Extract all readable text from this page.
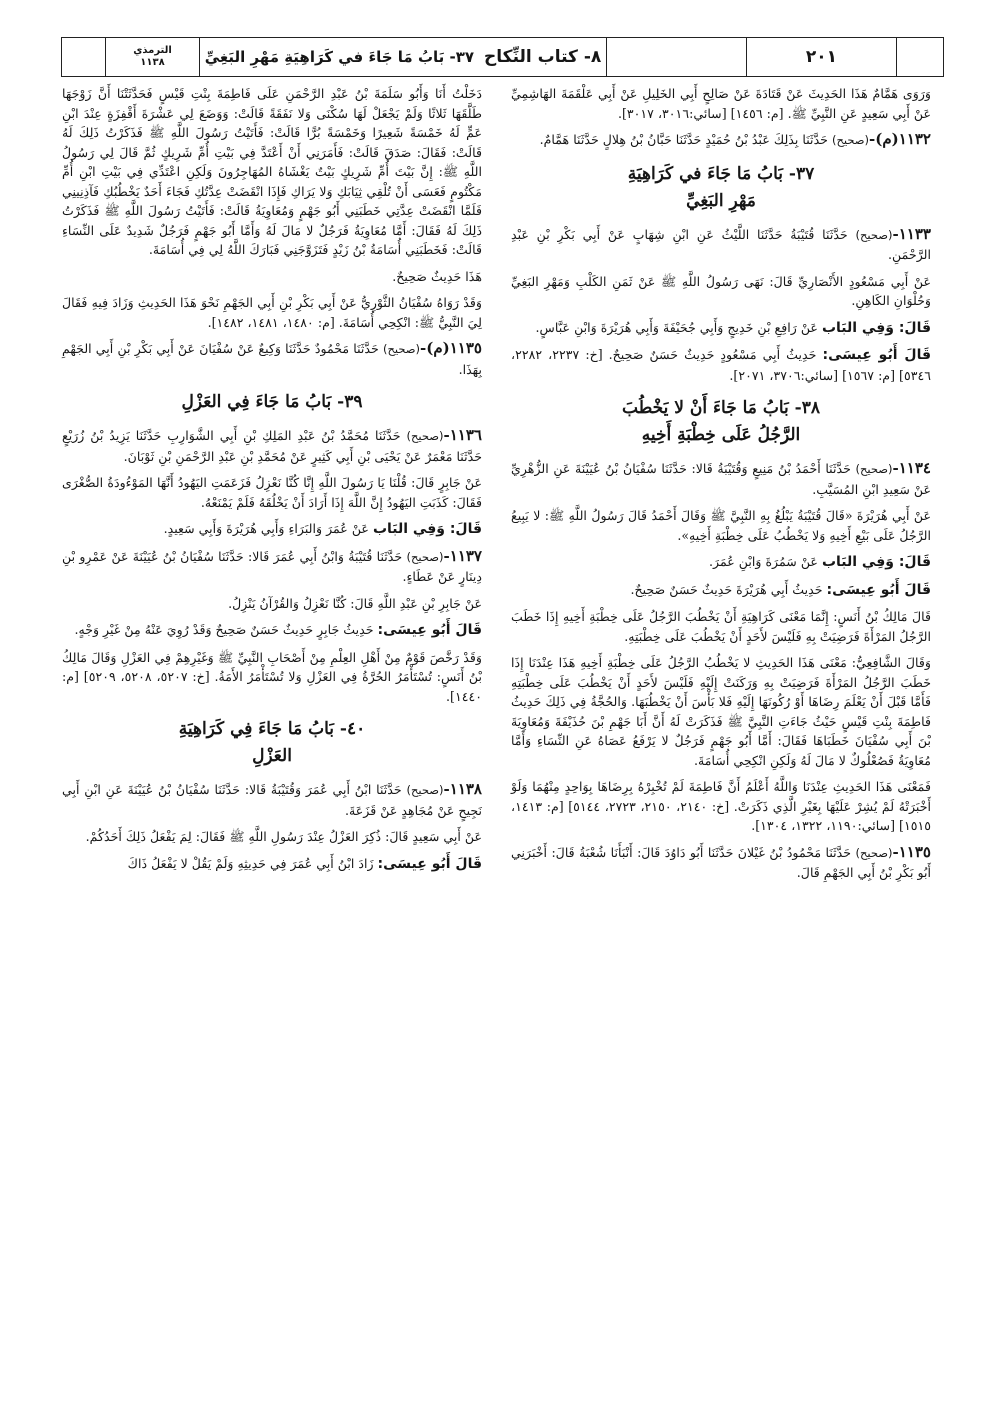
الترمذي
١١٣٨	٨- كتاب النِّكاح
٣٧- بَابُ مَا جَاءَ في كَرَاهِيَةِ مَهْرِ البَغِيِّ	٢٠١

وَرَوَى هَمَّامٌ هَذَا الحَدِيثَ عَنْ قَتَادَةَ عَنْ صَالِحٍ أَبِي الخَلِيلِ عَنْ أَبِي عَلْقَمَةَ الهَاشِمِيِّ عَنْ أَبِي سَعِيدٍ عَنِ النَّبِيِّ ﷺ. [م: ١٤٥٦] [سائي:٣٠١٦، ٣٠١٧].

١١٣٢(م)-(صحيح) حَدَّثَنَا بِذَلِكَ عَبْدُ بْنُ حُمَيْدٍ حَدَّثَنَا حَبَّانُ بْنُ هِلالٍ حَدَّثَنَا هَمَّامٌ.

٣٧- بَابُ مَا جَاءَ في كَرَاهِيَةِ
مَهْرِ البَغِيِّ

١١٣٣-(صحيح) حَدَّثَنَا قُتَيْبَةُ حَدَّثَنَا اللَّيْثُ عَنِ ابْنِ شِهَابٍ عَنْ أَبِي بَكْرِ بْنِ عَبْدِ الرَّحْمَنِ.

عَنْ أَبِي مَسْعُودٍ الأَنْصَارِيِّ قَالَ: نَهَى رَسُولُ اللَّهِ ﷺ عَنْ ثَمَنِ الكَلْبِ وَمَهْرِ البَغِيِّ وَحُلْوَانِ الكَاهِنِ.

قَالَ: وَفِي البَاب عَنْ رَافِعِ بْنِ خَدِيجٍ وَأَبِي جُحَيْفَةَ وَأَبِي هُرَيْرَةَ وَابْنِ عَبَّاسٍ.

قَالَ أَبُو عِيسَى: حَدِيثُ أَبِي مَسْعُودٍ حَدِيثٌ حَسَنٌ صَحِيحٌ. [خ: ٢٢٣٧، ٢٢٨٢، ٥٣٤٦] [م: ١٥٦٧] [سائي:٣٧٠٦، ٢٠٧١].

٣٨- بَابُ مَا جَاءَ أَنْ لا يَخْطُبَ
الرَّجُلُ عَلَى خِطْبَةِ أَخِيهِ

١١٣٤-(صحيح) حَدَّثَنَا أَحْمَدُ بْنُ مَنِيعٍ وَقُتَيْبَةُ قَالا: حَدَّثَنَا سُفْيَانُ بْنُ عُيَيْنَةَ عَنِ الزُّهْرِيِّ عَنْ سَعِيدِ ابْنِ المُسَيَّبِ.

عَنْ أَبِي هُرَيْرَةَ «قَالَ قُتَيْبَةُ يَبْلُغُ بِهِ النَّبِيَّ ﷺ وَقَالَ أَحْمَدُ قَالَ رَسُولُ اللَّهِ ﷺ: لا يَبِيعُ الرَّجُلُ عَلَى بَيْعِ أَخِيهِ وَلا يَخْطُبُ عَلَى خِطْبَةِ أَخِيهِ».

قَالَ: وَفِي البَاب عَنْ سَمُرَةَ وَابْنِ عُمَرَ.

قَالَ أَبُو عِيسَى: حَدِيثُ أَبِي هُرَيْرَةَ حَدِيثٌ حَسَنٌ صَحِيحٌ.

قَالَ مَالِكُ بْنُ أَنَسٍ: إِنَّمَا مَعْنَى كَرَاهِيَةِ أَنْ يَخْطُبَ الرَّجُلُ عَلَى خِطْبَةِ أَخِيهِ إِذَا خَطَبَ الرَّجُلُ المَرْأَةَ فَرَضِيَتْ بِهِ فَلَيْسَ لأَحَدٍ أَنْ يَخْطُبَ عَلَى خِطْبَتِهِ.

وَقَالَ الشَّافِعِيُّ: مَعْنَى هَذَا الحَدِيثِ لا يَخْطُبُ الرَّجُلُ عَلَى خِطْبَةِ أَخِيهِ هَذَا عِنْدَنَا إِذَا خَطَبَ الرَّجُلُ المَرْأَةَ فَرَضِيَتْ بِهِ وَرَكَنَتْ إِلَيْهِ فَلَيْسَ لأَحَدٍ أَنْ يَخْطُبَ عَلَى خِطْبَتِهِ فَأَمَّا قَبْلَ أَنْ يَعْلَمَ رِضَاهَا أَوْ رُكُونَهَا إِلَيْهِ فَلا بَأْسَ أَنْ يَخْطُبَهَا. وَالحُجَّةُ فِي ذَلِكَ حَدِيثُ فَاطِمَةَ بِنْتِ قَيْسٍ حَيْثُ جَاءَتِ النَّبِيَّ ﷺ فَذَكَرَتْ لَهُ أَنَّ أَبَا جَهْمِ بْنَ حُذَيْفَةَ وَمُعَاوِيَةَ بْنَ أَبِي سُفْيَانَ خَطَبَاهَا فَقَالَ: أَمَّا أَبُو جَهْمٍ فَرَجُلٌ لا يَرْفَعُ عَصَاهُ عَنِ النِّسَاءِ وَأَمَّا مُعَاوِيَةُ فَصُعْلُوكٌ لا مَالَ لَهُ وَلَكِنِ انْكِحِي أُسَامَةَ.

فَمَعْنَى هَذَا الحَدِيثِ عِنْدَنَا وَاللَّهُ أَعْلَمُ أَنَّ فَاطِمَةَ لَمْ تُخْبِرْهُ بِرِضَاهَا بِوَاحِدٍ مِنْهُمَا وَلَوْ أَخْبَرَتْهُ لَمْ يُشِرْ عَلَيْهَا بِغَيْرِ الَّذِي ذَكَرَتْ. [خ: ٢١٤٠، ٢١٥٠، ٢٧٢٣، ٥١٤٤] [م: ١٤١٣، ١٥١٥] [سائي:١١٩٠، ١٣٢٢، ١٣٠٤].

١١٣٥-(صحيح) حَدَّثَنَا مَحْمُودُ بْنُ غَيْلانَ حَدَّثَنَا أَبُو دَاوُدَ قَالَ: أَنْبَأَنَا شُعْبَةُ قَالَ: أَخْبَرَنِي أَبُو بَكْرِ بْنُ أَبِي الجَهْمِ قَالَ.

دَخَلْتُ أَنَا وَأَبُو سَلَمَةَ بْنُ عَبْدِ الرَّحْمَنِ عَلَى فَاطِمَةَ بِنْتِ قَيْسٍ فَحَدَّثَتْنَا أَنَّ زَوْجَهَا طَلَّقَهَا ثَلاثًا وَلَمْ يَجْعَلْ لَهَا سُكْنَى وَلا نَفَقَةً قَالَتْ: وَوَضَعَ لِي عَشْرَةَ أَقْفِزَةٍ عِنْدَ ابْنِ عَمٍّ لَهُ خَمْسَةً شَعِيرًا وَخَمْسَةً بُرًّا قَالَتْ: فَأَتَيْتُ رَسُولَ اللَّهِ ﷺ فَذَكَرْتُ ذَلِكَ لَهُ قَالَتْ: فَقَالَ: صَدَقَ قَالَتْ: فَأَمَرَنِي أَنْ أَعْتَدَّ فِي بَيْتِ أُمِّ شَرِيكٍ ثُمَّ قَالَ لِي رَسُولُ اللَّهِ ﷺ: إِنَّ بَيْتَ أُمِّ شَرِيكٍ بَيْتٌ يَغْشَاهُ المُهَاجِرُونَ وَلَكِنِ اعْتَدِّي فِي بَيْتِ ابْنِ أُمِّ مَكْتُومٍ فَعَسَى أَنْ تُلْقِي ثِيَابَكِ وَلا يَرَاكِ فَإِذَا انْقَضَتْ عِدَّتُكِ فَجَاءَ أَحَدٌ يَخْطُبُكِ فَآذِنِينِي فَلَمَّا انْقَضَتْ عِدَّتِي خَطَبَنِي أَبُو جَهْمٍ وَمُعَاوِيَةُ قَالَتْ: فَأَتَيْتُ رَسُولَ اللَّهِ ﷺ فَذَكَرْتُ ذَلِكَ لَهُ فَقَالَ: أَمَّا مُعَاوِيَةُ فَرَجُلٌ لا مَالَ لَهُ وَأَمَّا أَبُو جَهْمٍ فَرَجُلٌ شَدِيدٌ عَلَى النِّسَاءِ قَالَتْ: فَخَطَبَنِي أُسَامَةُ بْنُ زَيْدٍ فَتَزَوَّجَنِي فَبَارَكَ اللَّهُ لِي فِي أُسَامَةَ.

هَذَا حَدِيثٌ صَحِيحٌ.

وَقَدْ رَوَاهُ سُفْيَانُ الثَّوْرِيُّ عَنْ أَبِي بَكْرِ بْنِ أَبِي الجَهْمِ نَحْوَ هَذَا الحَدِيثِ وَزَادَ فِيهِ فَقَالَ لِيَ النَّبِيُّ ﷺ: انْكِحِي أُسَامَةَ. [م: ١٤٨٠، ١٤٨١، ١٤٨٢].

١١٣٥(م)-(صحيح) حَدَّثَنَا مَحْمُودٌ حَدَّثَنَا وَكِيعٌ عَنْ سُفْيَانَ عَنْ أَبِي بَكْرِ بْنِ أَبِي الجَهْمِ بِهَذَا.

٣٩- بَابُ مَا جَاءَ فِي العَزْلِ

١١٣٦-(صحيح) حَدَّثَنَا مُحَمَّدُ بْنُ عَبْدِ المَلِكِ بْنِ أَبِي الشَّوَارِبِ حَدَّثَنَا يَزِيدُ بْنُ زُرَيْعٍ حَدَّثَنَا مَعْمَرٌ عَنْ يَحْيَى بْنِ أَبِي كَثِيرٍ عَنْ مُحَمَّدِ بْنِ عَبْدِ الرَّحْمَنِ بْنِ ثَوْبَانَ.

عَنْ جَابِرٍ قَالَ: قُلْنَا يَا رَسُولَ اللَّهِ إِنَّا كُنَّا نَعْزِلُ فَزَعَمَتِ اليَهُودُ أَنَّهَا المَوْءُودَةُ الصُّغْرَى فَقَالَ: كَذَبَتِ اليَهُودُ إِنَّ اللَّهَ إِذَا أَرَادَ أَنْ يَخْلُقَهُ فَلَمْ يَمْنَعْهُ.

قَالَ: وَفِي البَاب عَنْ عُمَرَ وَالبَرَاءِ وَأَبِي هُرَيْرَةَ وَأَبِي سَعِيدٍ.

١١٣٧-(صحيح) حَدَّثَنَا قُتَيْبَةُ وَابْنُ أَبِي عُمَرَ قَالا: حَدَّثَنَا سُفْيَانُ بْنُ عُيَيْنَةَ عَنْ عَمْرِو بْنِ دِينَارٍ عَنْ عَطَاءٍ.

عَنْ جَابِرِ بْنِ عَبْدِ اللَّهِ قَالَ: كُنَّا نَعْزِلُ وَالقُرْآنُ يَنْزِلُ.

قَالَ أَبُو عِيسَى: حَدِيثُ جَابِرٍ حَدِيثٌ حَسَنٌ صَحِيحٌ وَقَدْ رُوِيَ عَنْهُ مِنْ غَيْرِ وَجْهٍ.

وَقَدْ رَخَّصَ قَوْمٌ مِنْ أَهْلِ العِلْمِ مِنْ أَصْحَابِ النَّبِيِّ ﷺ وَغَيْرِهِمْ فِي العَزْلِ وَقَالَ مَالِكُ بْنُ أَنَسٍ: تُسْتَأْمَرُ الحُرَّةُ فِي العَزْلِ وَلا تُسْتَأْمَرُ الأَمَةُ. [خ: ٥٢٠٧، ٥٢٠٨، ٥٢٠٩] [م: ١٤٤٠].

٤٠- بَابُ مَا جَاءَ فِي كَرَاهِيَةِ
العَزْلِ

١١٣٨-(صحيح) حَدَّثَنَا ابْنُ أَبِي عُمَرَ وَقُتَيْبَةُ قَالا: حَدَّثَنَا سُفْيَانُ بْنُ عُيَيْنَةَ عَنِ ابْنِ أَبِي نَجِيحٍ عَنْ مُجَاهِدٍ عَنْ قَزَعَةَ.

عَنْ أَبِي سَعِيدٍ قَالَ: ذُكِرَ العَزْلُ عِنْدَ رَسُولِ اللَّهِ ﷺ فَقَالَ: لِمَ يَفْعَلُ ذَلِكَ أَحَدُكُمْ.

قَالَ أَبُو عِيسَى: زَادَ ابْنُ أَبِي عُمَرَ فِي حَدِيثِهِ وَلَمْ يَقُلْ لا يَفْعَلُ ذَاكَ
